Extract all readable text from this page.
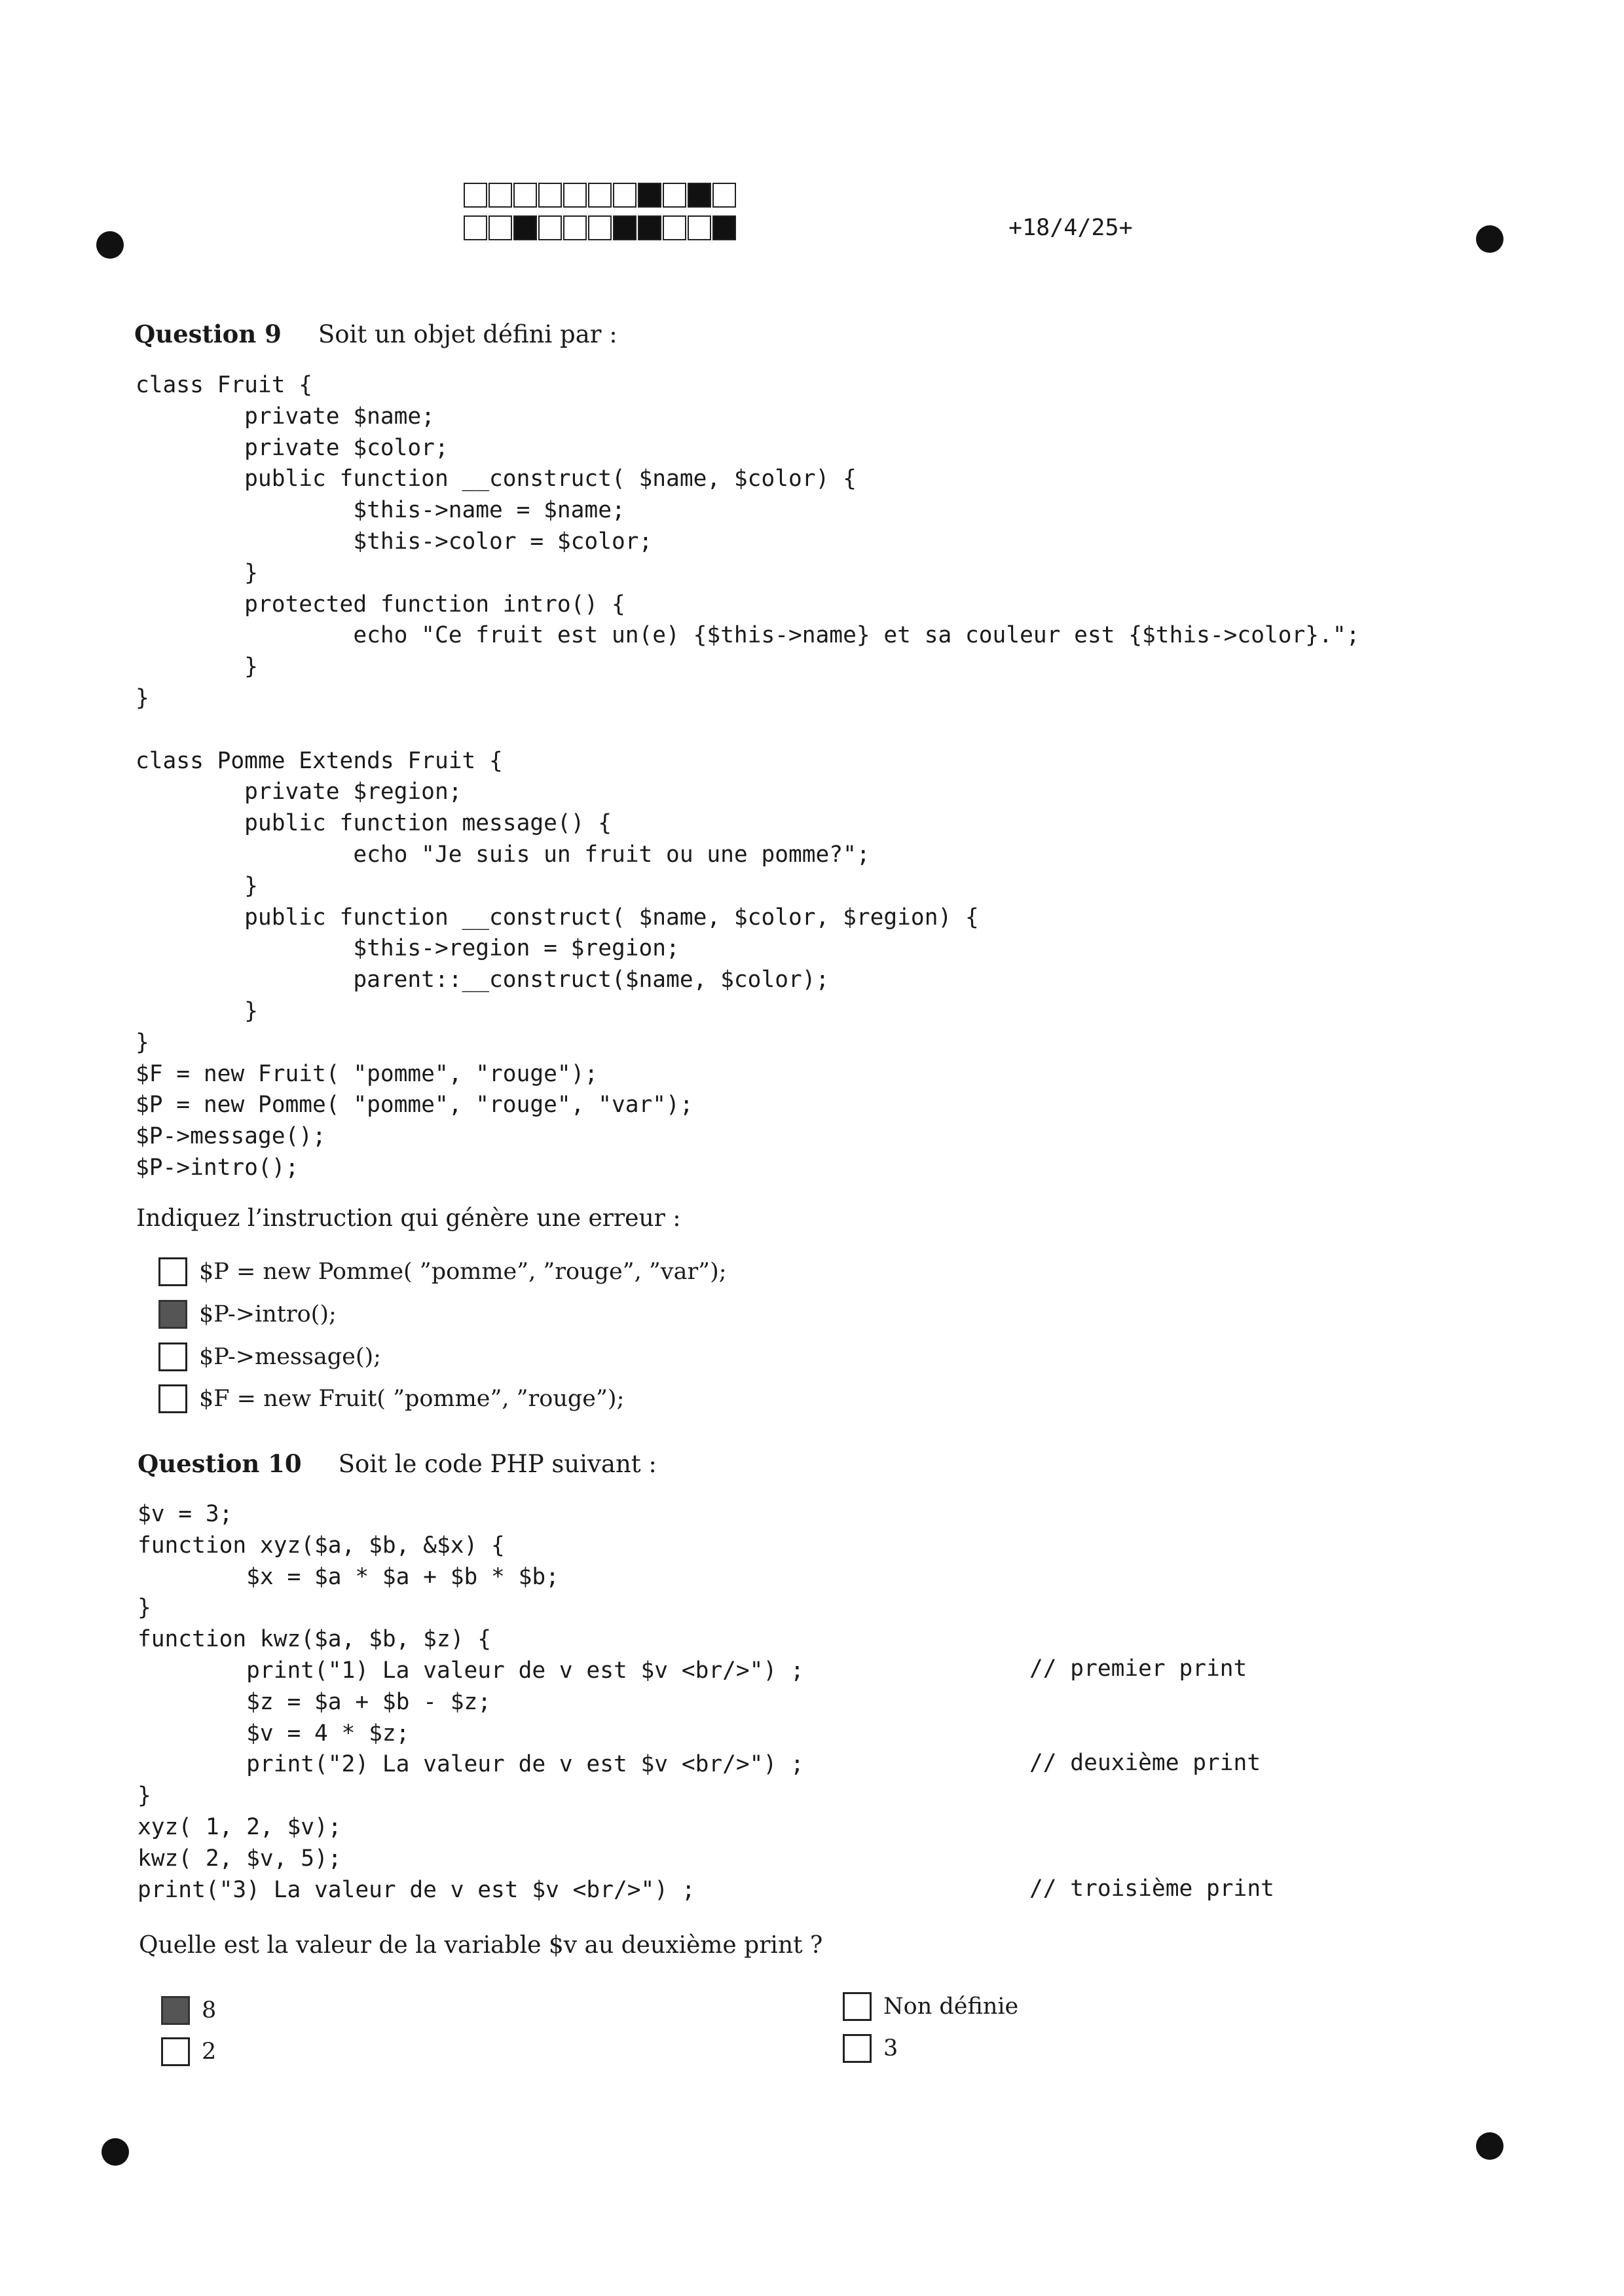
+18/4/25+
Question 9 Soit un objet défini par :
class Fruit {
private $name;
private $color;
public function __construct( $name, $color) {
$this->name = $name;
$this->color = $color;
}
protected function intro() {
echo "Ce fruit est un(e) {$this->name} et sa couleur est {$this->color}.";
}
}

class Pomme Extends Fruit {
private $region;
public function message() {
echo "Je suis un fruit ou une pomme?";
}
public function __construct( $name, $color, $region) {
$this->region = $region;
parent::__construct($name, $color);
}
}
$F = new Fruit( "pomme", "rouge");
$P = new Pomme( "pomme", "rouge", "var");
$P->message();
$P->intro();
Indiquez l’instruction qui génère une erreur :
$P = new Pomme( ”pomme”, ”rouge”, ”var”);
$P->intro();
$P->message();
$F = new Fruit( ”pomme”, ”rouge”);
Question 10 Soit le code PHP suivant :
$v = 3;
function xyz($a, $b, &$x) {
$x = $a * $a + $b * $b;
}
function kwz($a, $b, $z) {
print("1) La valeur de v est $v <br/>") ;
$z = $a + $b - $z;
$v = 4 * $z;
print("2) La valeur de v est $v <br/>") ;
}
xyz( 1, 2, $v);
kwz( 2, $v, 5);
print("3) La valeur de v est $v <br/>") ;
// premier print
// deuxième print
// troisième print
Quelle est la valeur de la variable $v au deuxième print ?
8
2
Non définie
3
